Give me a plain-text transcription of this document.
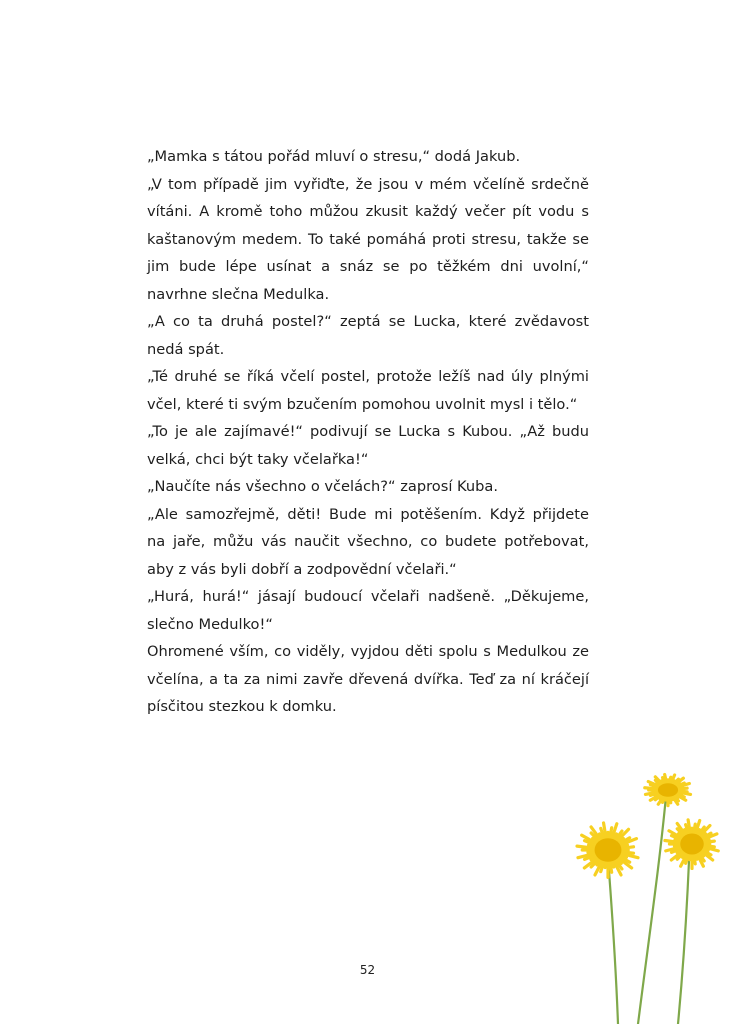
„Mamka s tátou pořád mluví o stresu,“ dodá Jakub.

„V tom případě jim vyřiďte, že jsou v mém včelíně srdečně vítáni. A kromě toho můžou zkusit každý večer pít vodu s kaštanovým medem. To také pomáhá proti stresu, takže se jim bude lépe usínat a snáz se po těžkém dni uvolní,“ navrhne slečna Medulka.

„A co ta druhá postel?“ zeptá se Lucka, které zvědavost nedá spát.

„Té druhé se říká včelí postel, protože ležíš nad úly plnými včel, které ti svým bzučením pomohou uvolnit mysl i tělo.“

„To je ale zajímavé!“ podivují se Lucka s Kubou. „Až budu velká, chci být taky včelařka!“

„Naučíte nás všechno o včelách?“ zaprosí Kuba.

„Ale samozřejmě, děti! Bude mi potěšením. Když přijdete na jaře, můžu vás naučit všechno, co budete potřebovat, aby z vás byli dobří a zodpovědní včelaři.“

„Hurá, hurá!“ jásají budoucí včelaři nadšeně. „Děkujeme, slečno Medulko!“

Ohromené vším, co viděly, vyjdou děti spolu s Medulkou ze včelína, a ta za nimi zavře dřevená dvířka. Teď za ní kráčejí písčitou stezkou k domku.

52
